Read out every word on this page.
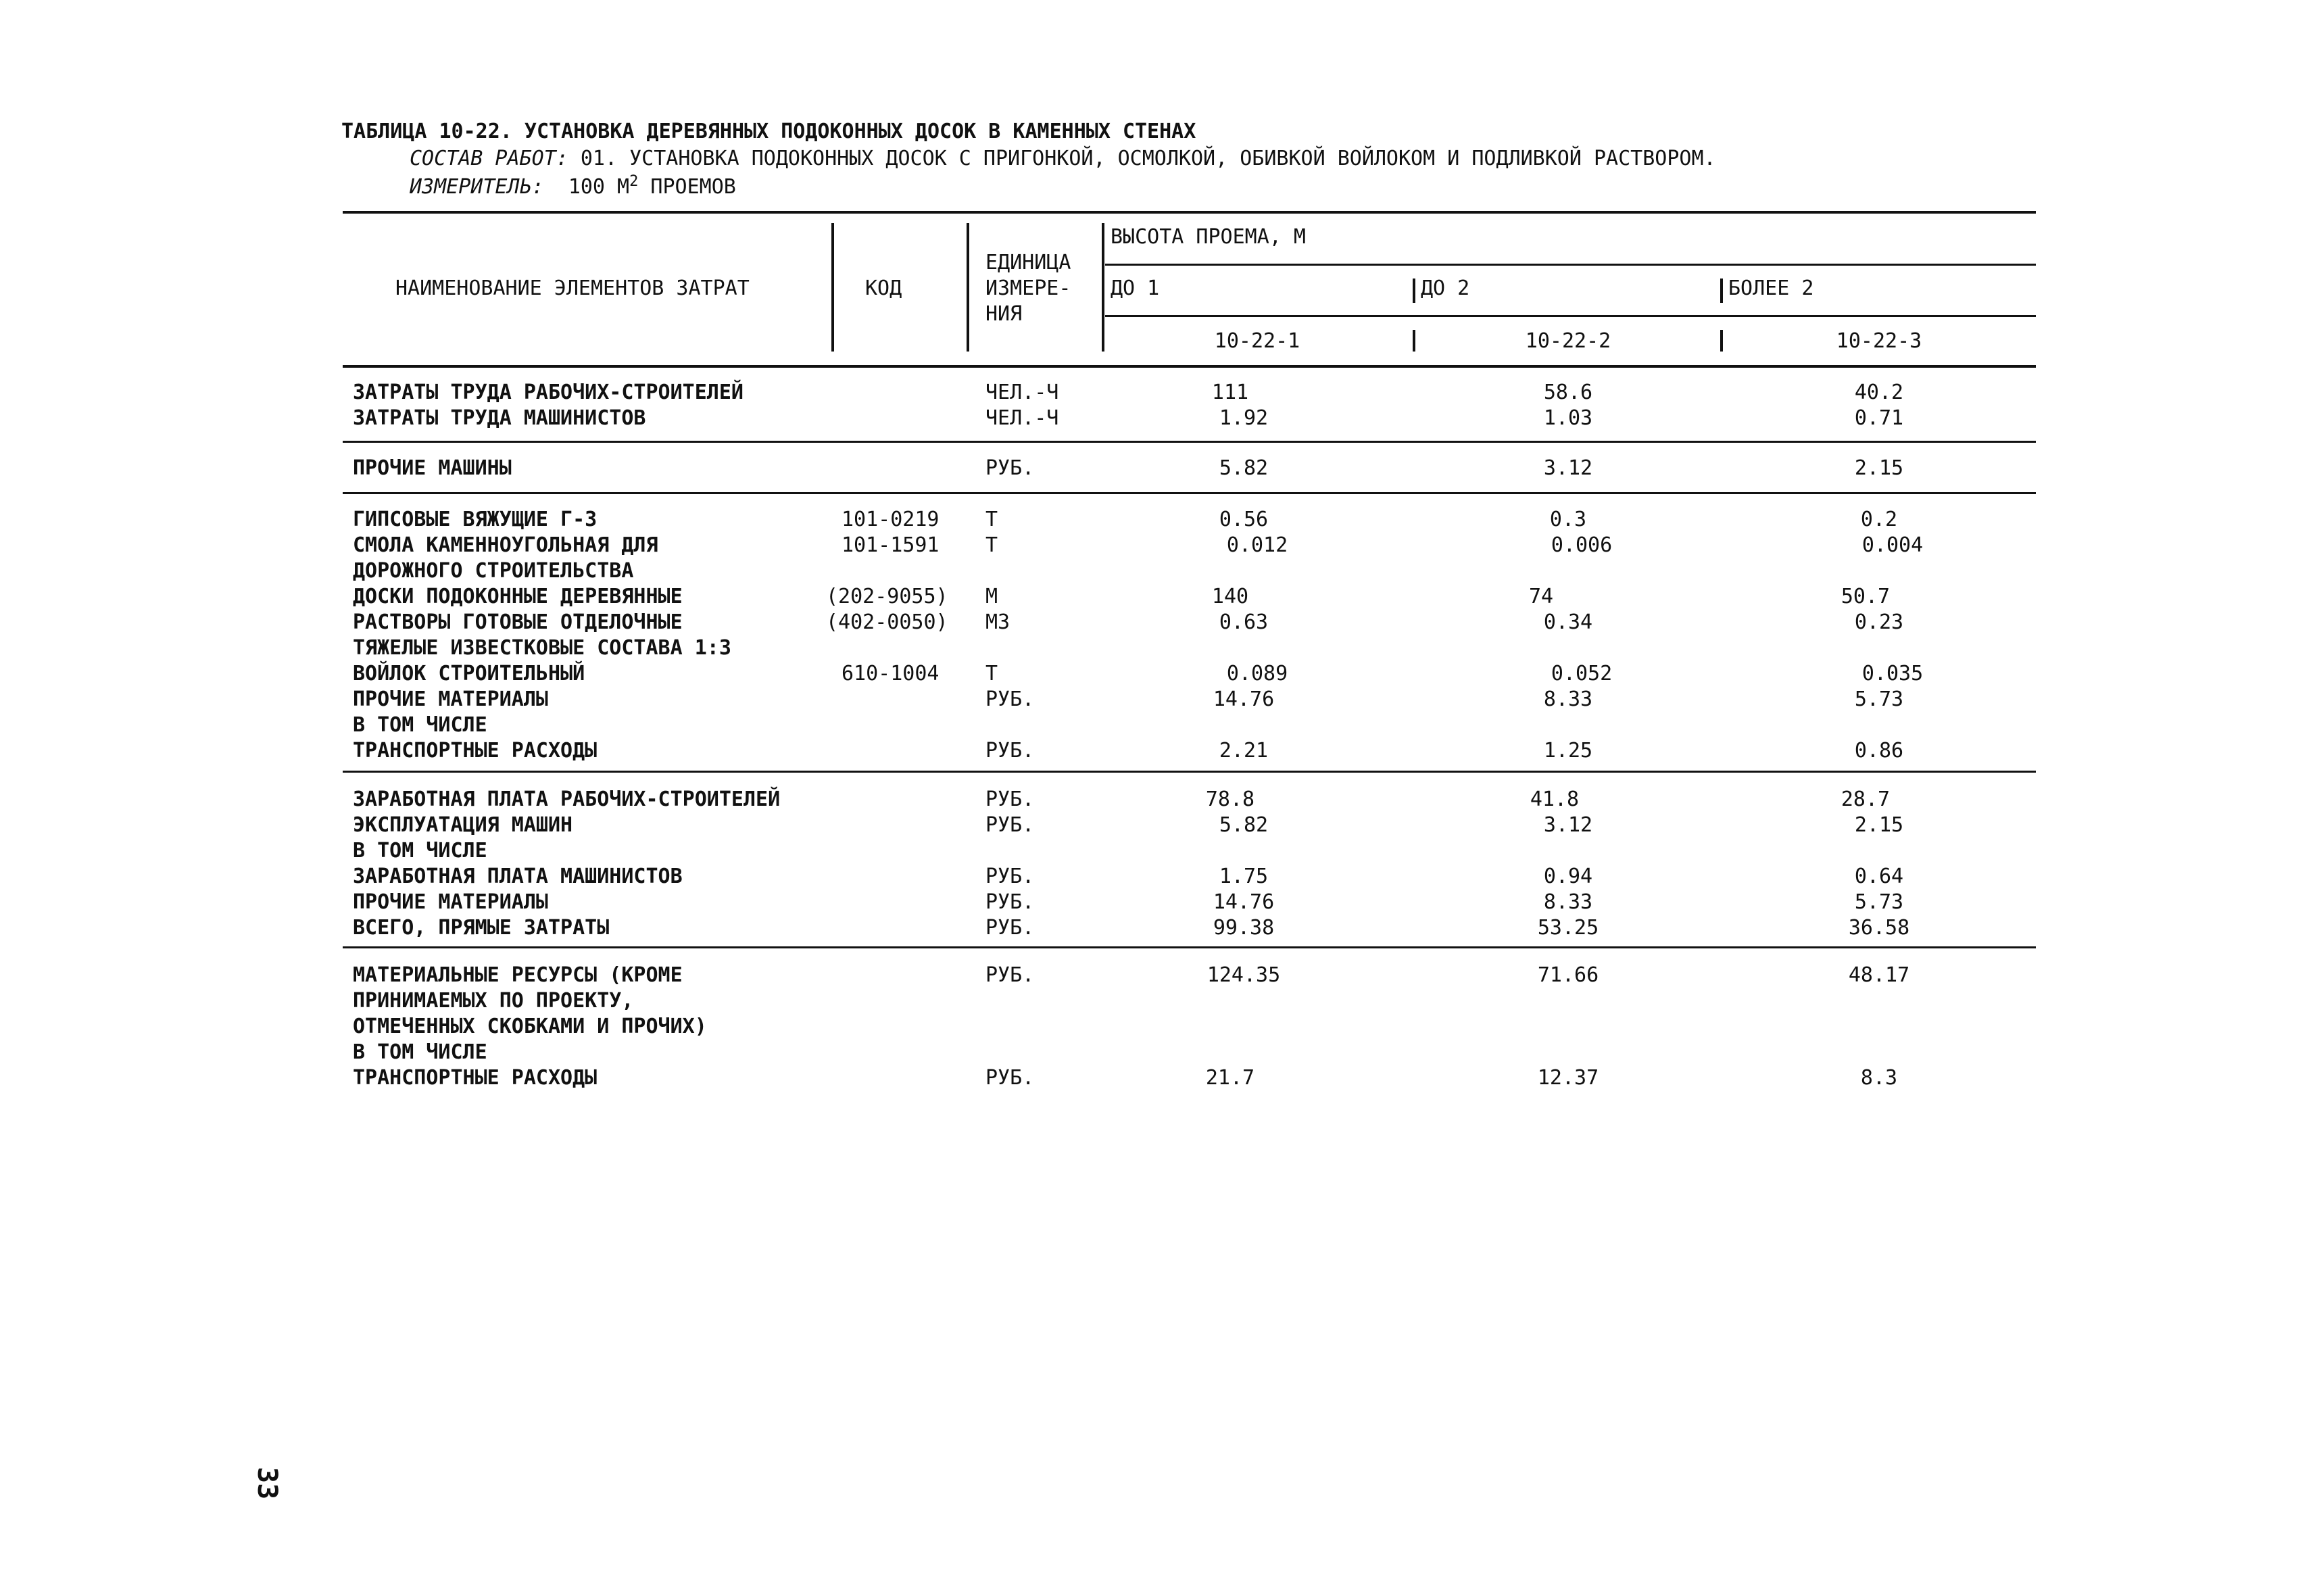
ТАБЛИЦА 10-22. УСТАНОВКА ДЕРЕВЯННЫХ ПОДОКОННЫХ ДОСОК В КАМЕННЫХ СТЕНАХ
СОСТАВ РАБОТ: 01. УСТАНОВКА ПОДОКОННЫХ ДОСОК С ПРИГОНКОЙ, ОСМОЛКОЙ, ОБИВКОЙ ВОЙЛОКОМ И ПОДЛИВКОЙ РАСТВОРОМ.
ИЗМЕРИТЕЛЬ: 100 $М^2$ ПРОЕМОВ
НАИМЕНОВАНИЕ ЭЛЕМЕНТОВ ЗАТРАТ	КОД
ЕДИНИЦА
ИЗМЕРЕ-
НИЯ
ВЫСОТА ПРОЕМА, М
ДО 1	ДО 2	БОЛЕЕ 2
10-22-1	10-22-2	10-22-3
ЗАТРАТЫ ТРУДА РАБОЧИХ-СТРОИТЕЛЕЙ	ЧЕЛ.-Ч	111	58.6	40.2
ЗАТРАТЫ ТРУДА МАШИНИСТОВ	ЧЕЛ.-Ч	1.92	1.03	0.71
ПРОЧИЕ МАШИНЫ	РУБ.	5.82	3.12	2.15
ГИПСОВЫЕ ВЯЖУЩИЕ Г-3	101-0219 Т	0.56	0.3	0.2
СМОЛА КАМЕННОУГОЛЬНАЯ ДЛЯ	101-1591 Т	0.012	0.006	0.004
ДОРОЖНОГО СТРОИТЕЛЬСТВА
ДОСКИ ПОДОКОННЫЕ ДЕРЕВЯННЫЕ	(202-9055) М	140	74	50.7
РАСТВОРЫ ГОТОВЫЕ ОТДЕЛОЧНЫЕ	(402-0050) М3	0.63	0.34	0.23
ТЯЖЕЛЫЕ ИЗВЕСТКОВЫЕ СОСТАВА 1:3
ВОЙЛОК СТРОИТЕЛЬНЫЙ	610-1004 Т	0.089	0.052	0.035
ПРОЧИЕ МАТЕРИАЛЫ	РУБ.	14.76	8.33	5.73
В ТОМ ЧИСЛЕ
ТРАНСПОРТНЫЕ РАСХОДЫ	РУБ.	2.21	1.25	0.86
ЗАРАБОТНАЯ ПЛАТА РАБОЧИХ-СТРОИТЕЛЕЙ	РУБ.	78.8	41.8	28.7
ЭКСПЛУАТАЦИЯ МАШИН	РУБ.	5.82	3.12	2.15
В ТОМ ЧИСЛЕ
ЗАРАБОТНАЯ ПЛАТА МАШИНИСТОВ	РУБ.	1.75	0.94	0.64
ПРОЧИЕ МАТЕРИАЛЫ	РУБ.	14.76	8.33	5.73
ВСЕГО, ПРЯМЫЕ ЗАТРАТЫ	РУБ.	99.38	53.25	36.58
МАТЕРИАЛЬНЫЕ РЕСУРСЫ (КРОМЕ	РУБ.	124.35	71.66	48.17
ПРИНИМАЕМЫХ ПО ПРОЕКТУ,
ОТМЕЧЕННЫХ СКОБКАМИ И ПРОЧИХ)
В ТОМ ЧИСЛЕ
ТРАНСПОРТНЫЕ РАСХОДЫ	РУБ.	21.7	12.37	8.3
33
